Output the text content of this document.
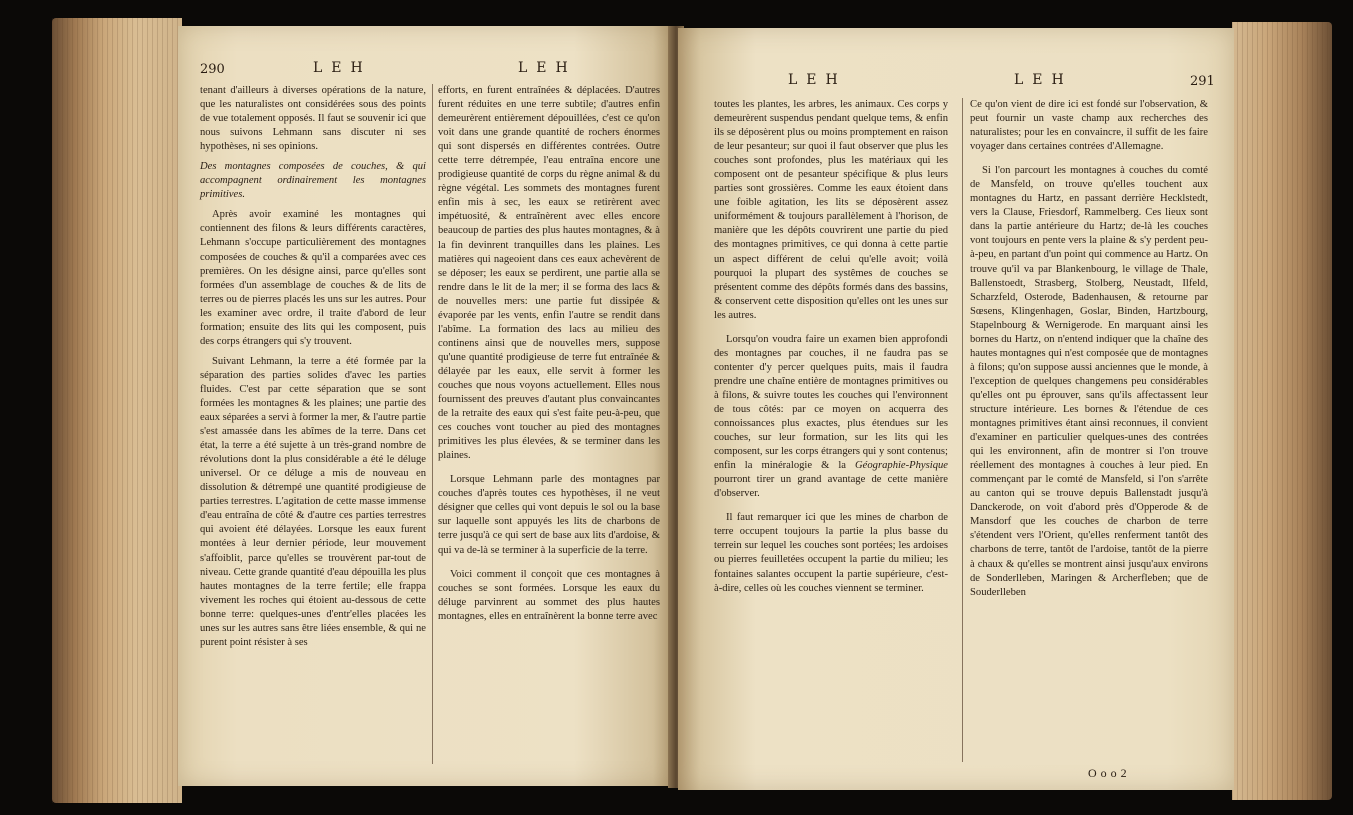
290	LEH	LEH

tenant d'ailleurs à diverses opérations de la nature, que les naturalistes ont considérées sous des points de vue totalement opposés. Il faut se souvenir ici que nous suivons Lehmann sans discuter ni ses hypothèses, ni ses opinions.

Des montagnes composées de couches, & qui accompagnent ordinairement les montagnes primitives.

Après avoir examiné les montagnes qui contiennent des filons & leurs différents caractères, Lehmann s'occupe particulièrement des montagnes composées de couches & qu'il a comparées avec ces premières. On les désigne ainsi, parce qu'elles sont formées d'un assemblage de couches & de lits de terres ou de pierres placés les uns sur les autres. Pour les examiner avec ordre, il traite d'abord de leur formation; ensuite des lits qui les composent, puis des corps étrangers qui s'y trouvent.

Suivant Lehmann, la terre a été formée par la séparation des parties solides d'avec les parties fluides. C'est par cette séparation que se sont formées les montagnes & les plaines; une partie des eaux séparées a servi à former la mer, & l'autre partie s'est amassée dans les abîmes de la terre. Dans cet état, la terre a été sujette à un très-grand nombre de révolutions dont la plus considérable a été le déluge universel. Or ce déluge a mis de nouveau en dissolution & détrempé une quantité prodigieuse de parties terrestres. L'agitation de cette masse immense d'eau entraîna de côté & d'autre ces parties terrestres qui avoient été délayées. Lorsque les eaux furent montées à leur dernier période, leur mouvement s'affoiblit, parce qu'elles se trouvèrent par-tout de niveau. Cette grande quantité d'eau dépouilla les plus hautes montagnes de la terre fertile; elle frappa vivement les roches qui étoient au-dessous de cette bonne terre: quelques-unes d'entr'elles placées les unes sur les autres sans être liées ensemble, & qui ne purent point résister à ses

efforts, en furent entraînées & déplacées. D'autres furent réduites en une terre subtile; d'autres enfin demeurèrent entièrement dépouillées, c'est ce qu'on voit dans une grande quantité de rochers énormes qui sont dispersés en différentes contrées. Outre cette terre détrempée, l'eau entraîna encore une prodigieuse quantité de corps du règne animal & du règne végétal. Les sommets des montagnes furent enfin mis à sec, les eaux se retirèrent avec impétuosité, & entraînèrent avec elles encore beaucoup de parties des plus hautes montagnes, & à la fin devinrent tranquilles dans les plaines. Les matières qui nageoient dans ces eaux achevèrent de se déposer; les eaux se perdirent, une partie alla se rendre dans le lit de la mer; il se forma des lacs & de nouvelles mers: une partie fut dissipée & évaporée par les vents, enfin l'autre se rendit dans l'abîme. La formation des lacs au milieu des continens ainsi que de nouvelles mers, suppose qu'une quantité prodigieuse de terre fut entraînée & délayée par les eaux, elle servit à former les couches que nous voyons actuellement. Elles nous fournissent des preuves d'autant plus convaincantes de la retraite des eaux qui s'est faite peu-à-peu, que ces couches vont toucher au pied des montagnes primitives les plus élevées, & se terminer dans les plaines.

Lorsque Lehmann parle des montagnes par couches d'après toutes ces hypothèses, il ne veut désigner que celles qui vont depuis le sol ou la base sur laquelle sont appuyés les lits de charbons de terre jusqu'à ce qui sert de base aux lits d'ardoise, & qui va de-là se terminer à la superficie de la terre.

Voici comment il conçoit que ces montagnes à couches se sont formées. Lorsque les eaux du déluge parvinrent au sommet des plus hautes montagnes, elles en entraînèrent la bonne terre avec

LEH	LEH	291

toutes les plantes, les arbres, les animaux. Ces corps y demeurèrent suspendus pendant quelque tems, & enfin ils se déposèrent plus ou moins promptement en raison de leur pesanteur; sur quoi il faut observer que plus les couches sont profondes, plus les matériaux qui les composent ont de pesanteur spécifique & plus leurs parties sont grossières. Comme les eaux étoient dans une foible agitation, les lits se déposèrent assez uniformément & toujours parallèlement à l'horison, de manière que les dépôts couvrirent une partie du pied des montagnes primitives, ce qui donna à cette partie un aspect différent de celui qu'elle avoit; voilà pourquoi la plupart des systêmes de couches se présentent comme des dépôts formés dans des bassins, & conservent cette disposition qu'elles ont les unes sur les autres.

Lorsqu'on voudra faire un examen bien approfondi des montagnes par couches, il ne faudra pas se contenter d'y percer quelques puits, mais il faudra prendre une chaîne entière de montagnes primitives ou à filons, & suivre toutes les couches qui l'environnent de tous côtés: par ce moyen on acquerra des connoissances plus exactes, plus étendues sur les couches, sur leur formation, sur les lits qui les composent, sur les corps étrangers qui y sont contenus; enfin la minéralogie & la Géographie-Physique pourront tirer un grand avantage de cette manière d'observer.

Il faut remarquer ici que les mines de charbon de terre occupent toujours la partie la plus basse du terrein sur lequel les couches sont portées; les ardoises ou pierres feuilletées occupent la partie du milieu; les fontaines salantes occupent la partie supérieure, c'est-à-dire, celles où les couches viennent se terminer.

Ce qu'on vient de dire ici est fondé sur l'observation, & peut fournir un vaste champ aux recherches des naturalistes; pour les en convaincre, il suffit de les faire voyager dans certaines contrées d'Allemagne.

Si l'on parcourt les montagnes à couches du comté de Mansfeld, on trouve qu'elles touchent aux montagnes du Hartz, en passant derrière Hecklstedt, vers la Clause, Friesdorf, Rammelberg. Ces lieux sont dans la partie antérieure du Hartz; de-là les couches vont toujours en pente vers la plaine & s'y perdent peu-à-peu, en partant d'un point qui commence au Hartz. On trouve qu'il va par Blankenbourg, le village de Thale, Ballenstoedt, Strasberg, Stolberg, Neustadt, Ilfeld, Scharzfeld, Osterode, Badenhausen, & retourne par Sœsens, Klingenhagen, Goslar, Binden, Hartzbourg, Stapelnbourg & Wernigerode. En marquant ainsi les bornes du Hartz, on n'entend indiquer que la chaîne des hautes montagnes qui n'est composée que de montagnes à filons; qu'on suppose aussi anciennes que le monde, à l'exception de quelques changemens peu considérables qu'elles ont pu éprouver, sans qu'ils affectassent leur structure intérieure. Les bornes & l'étendue de ces montagnes primitives étant ainsi reconnues, il convient d'examiner en particulier quelques-unes des contrées qui les environnent, afin de montrer si l'on trouve réellement des montagnes à couches à leur pied. En commençant par le comté de Mansfeld, si l'on s'arrête au canton qui se trouve depuis Ballenstadt jusqu'à Danckerode, on voit d'abord près d'Opperode & de Mansdorf que les couches de charbon de terre s'étendent vers l'Orient, qu'elles renferment tantôt des charbons de terre, tantôt de l'ardoise, tantôt de la pierre à chaux & qu'elles se montrent ainsi jusqu'aux environs de Sonderlleben, Maringen & Archerfleben; que de Souderlleben

Ooo2
